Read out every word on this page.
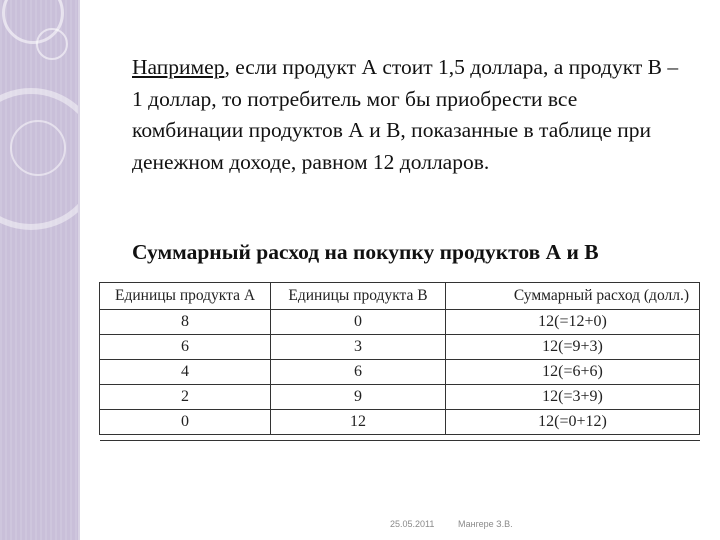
Например, если продукт А стоит 1,5 доллара, а продукт В – 1 доллар, то потребитель мог бы приобрести все комбинации продуктов А и В, показанные в таблице при денежном доходе, равном 12 долларов.

Суммарный расход на покупку продуктов А и В

Единицы продукта А	Единицы продукта В	Суммарный расход (долл.)
8	0	12(=12+0)
6	3	12(=9+3)
4	6	12(=6+6)
2	9	12(=3+9)
0	12	12(=0+12)

25.05.2011	Мангере З.В.
